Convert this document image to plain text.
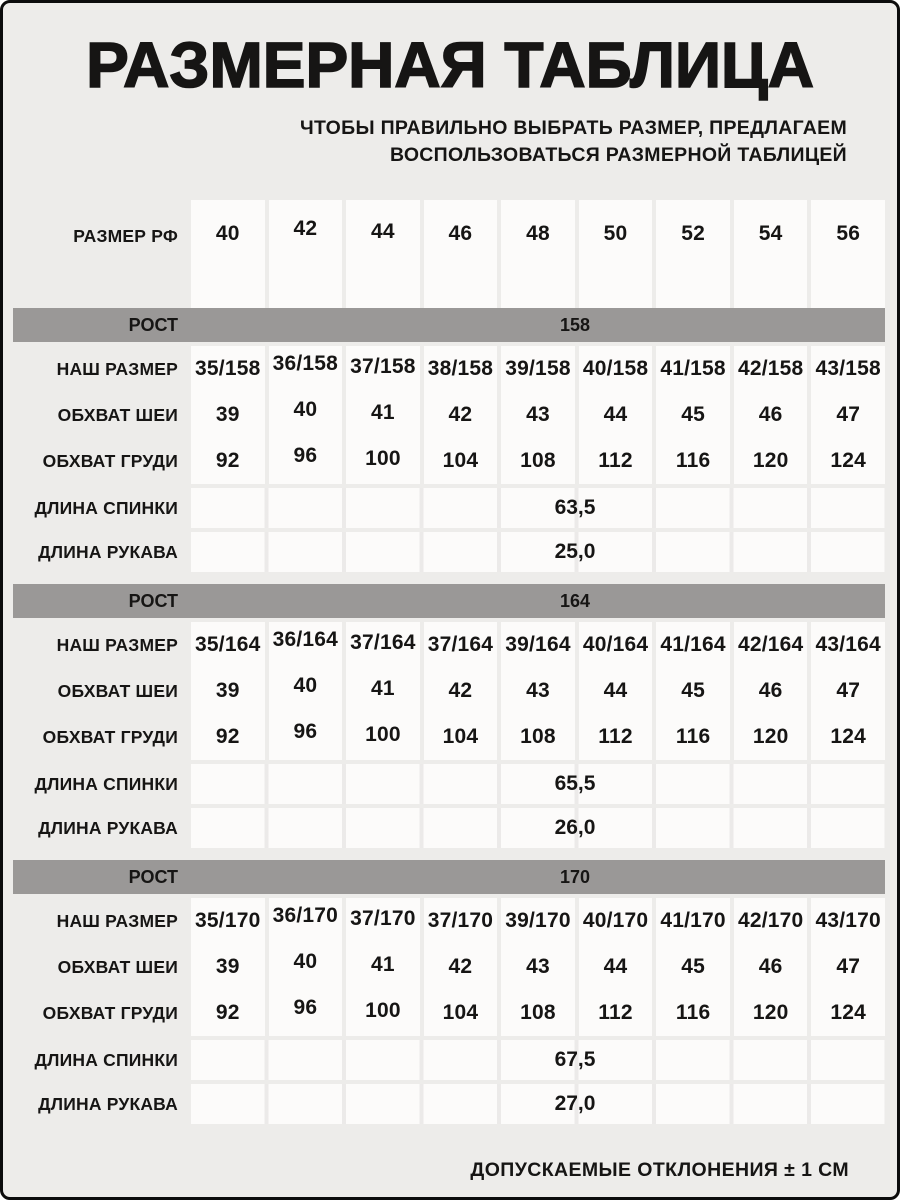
РАЗМЕРНАЯ ТАБЛИЦА
ЧТОБЫ ПРАВИЛЬНО ВЫБРАТЬ РАЗМЕР, ПРЕДЛАГАЕМ
ВОСПОЛЬЗОВАТЬСЯ РАЗМЕРНОЙ ТАБЛИЦЕЙ
РАЗМЕР РФ	40	42	44	46	48	50	52	54	56
РОСТ	158
НАШ РАЗМЕР 35/158 36/158 37/158 38/158 39/158 40/158 41/158 42/158 43/158
ОБХВАТ ШЕИ	39	40	41	42	43	44	45	46	47
ОБХВАТ ГРУДИ	92	96 100 104 108 112 116 120 124
ДЛИНА СПИНКИ	63,5
ДЛИНА РУКАВА	25,0
РОСТ	164
НАШ РАЗМЕР 35/164 36/164 37/164 37/164 39/164 40/164 41/164 42/164 43/164
ОБХВАТ ШЕИ	39	40	41	42	43	44	45	46	47
ОБХВАТ ГРУДИ	92	96 100 104 108 112 116 120 124
ДЛИНА СПИНКИ	65,5
ДЛИНА РУКАВА	26,0
РОСТ	170
НАШ РАЗМЕР 35/170 36/170 37/170 37/170 39/170 40/170 41/170 42/170 43/170
ОБХВАТ ШЕИ	39	40	41	42	43	44	45	46	47
ОБХВАТ ГРУДИ	92	96 100 104 108 112 116 120 124
ДЛИНА СПИНКИ	67,5
ДЛИНА РУКАВА	27,0
ДОПУСКАЕМЫЕ ОТКЛОНЕНИЯ ± 1 СМ
